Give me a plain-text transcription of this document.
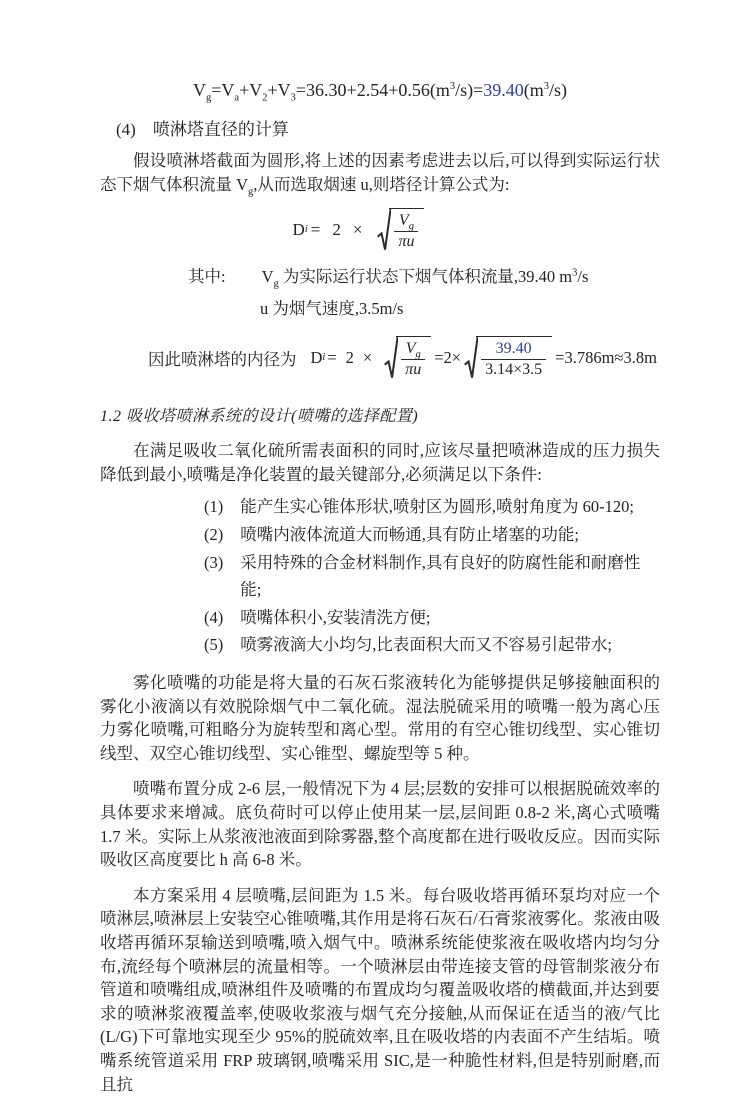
$V_g=V_a+V_2+V_3=36.30+2.54+0.56(m^3/s)=39.40(m^3/s)$
(4)　喷淋塔直径的计算

假设喷淋塔截面为圆形,将上述的因素考虑进去以后,可以得到实际运行状态下烟气体积流量 $V_g$,从而选取烟速 u,则塔径计算公式为:

D $i = 2 \times \frac{V_g}{\pi u}$
其中: $V_g$ 为实际运行状态下烟气体积流量,39.40 $m^3/s$
u 为烟气速度,3.5m/s
因此喷淋塔的内径为 D $i = 2 \times \frac{V_g}{\pi u} =2\times \frac{39.40}{3.14\times 3.5} =3.786m\approx 3.8m$
1.2 吸收塔喷淋系统的设计(喷嘴的选择配置)

在满足吸收二氧化硫所需表面积的同时,应该尽量把喷淋造成的压力损失降低到最小,喷嘴是净化装置的最关键部分,必须满足以下条件:

(1) 能产生实心锥体形状,喷射区为圆形,喷射角度为 60-120;
(2) 喷嘴内液体流道大而畅通,具有防止堵塞的功能;
(3) 采用特殊的合金材料制作,具有良好的防腐性能和耐磨性能;
(4) 喷嘴体积小,安装清洗方便;
(5) 喷雾液滴大小均匀,比表面积大而又不容易引起带水;

雾化喷嘴的功能是将大量的石灰石浆液转化为能够提供足够接触面积的雾化小液滴以有效脱除烟气中二氧化硫。湿法脱硫采用的喷嘴一般为离心压力雾化喷嘴,可粗略分为旋转型和离心型。常用的有空心锥切线型、实心锥切线型、双空心锥切线型、实心锥型、螺旋型等 5 种。

喷嘴布置分成 2-6 层,一般情况下为 4 层;层数的安排可以根据脱硫效率的具体要求来增减。底负荷时可以停止使用某一层,层间距 0.8-2 米,离心式喷嘴 1.7 米。实际上从浆液池液面到除雾器,整个高度都在进行吸收反应。因而实际吸收区高度要比 h 高 6-8 米。

本方案采用 4 层喷嘴,层间距为 1.5 米。每台吸收塔再循环泵均对应一个喷淋层,喷淋层上安装空心锥喷嘴,其作用是将石灰石/石膏浆液雾化。浆液由吸收塔再循环泵输送到喷嘴,喷入烟气中。喷淋系统能使浆液在吸收塔内均匀分布,流经每个喷淋层的流量相等。一个喷淋层由带连接支管的母管制浆液分布管道和喷嘴组成,喷淋组件及喷嘴的布置成均匀覆盖吸收塔的横截面,并达到要求的喷淋浆液覆盖率,使吸收浆液与烟气充分接触,从而保证在适当的液/气比(L/G)下可靠地实现至少 95%的脱硫效率,且在吸收塔的内表面不产生结垢。喷嘴系统管道采用 FRP 玻璃钢,喷嘴采用 SIC,是一种脆性材料,但是特别耐磨,而且抗
